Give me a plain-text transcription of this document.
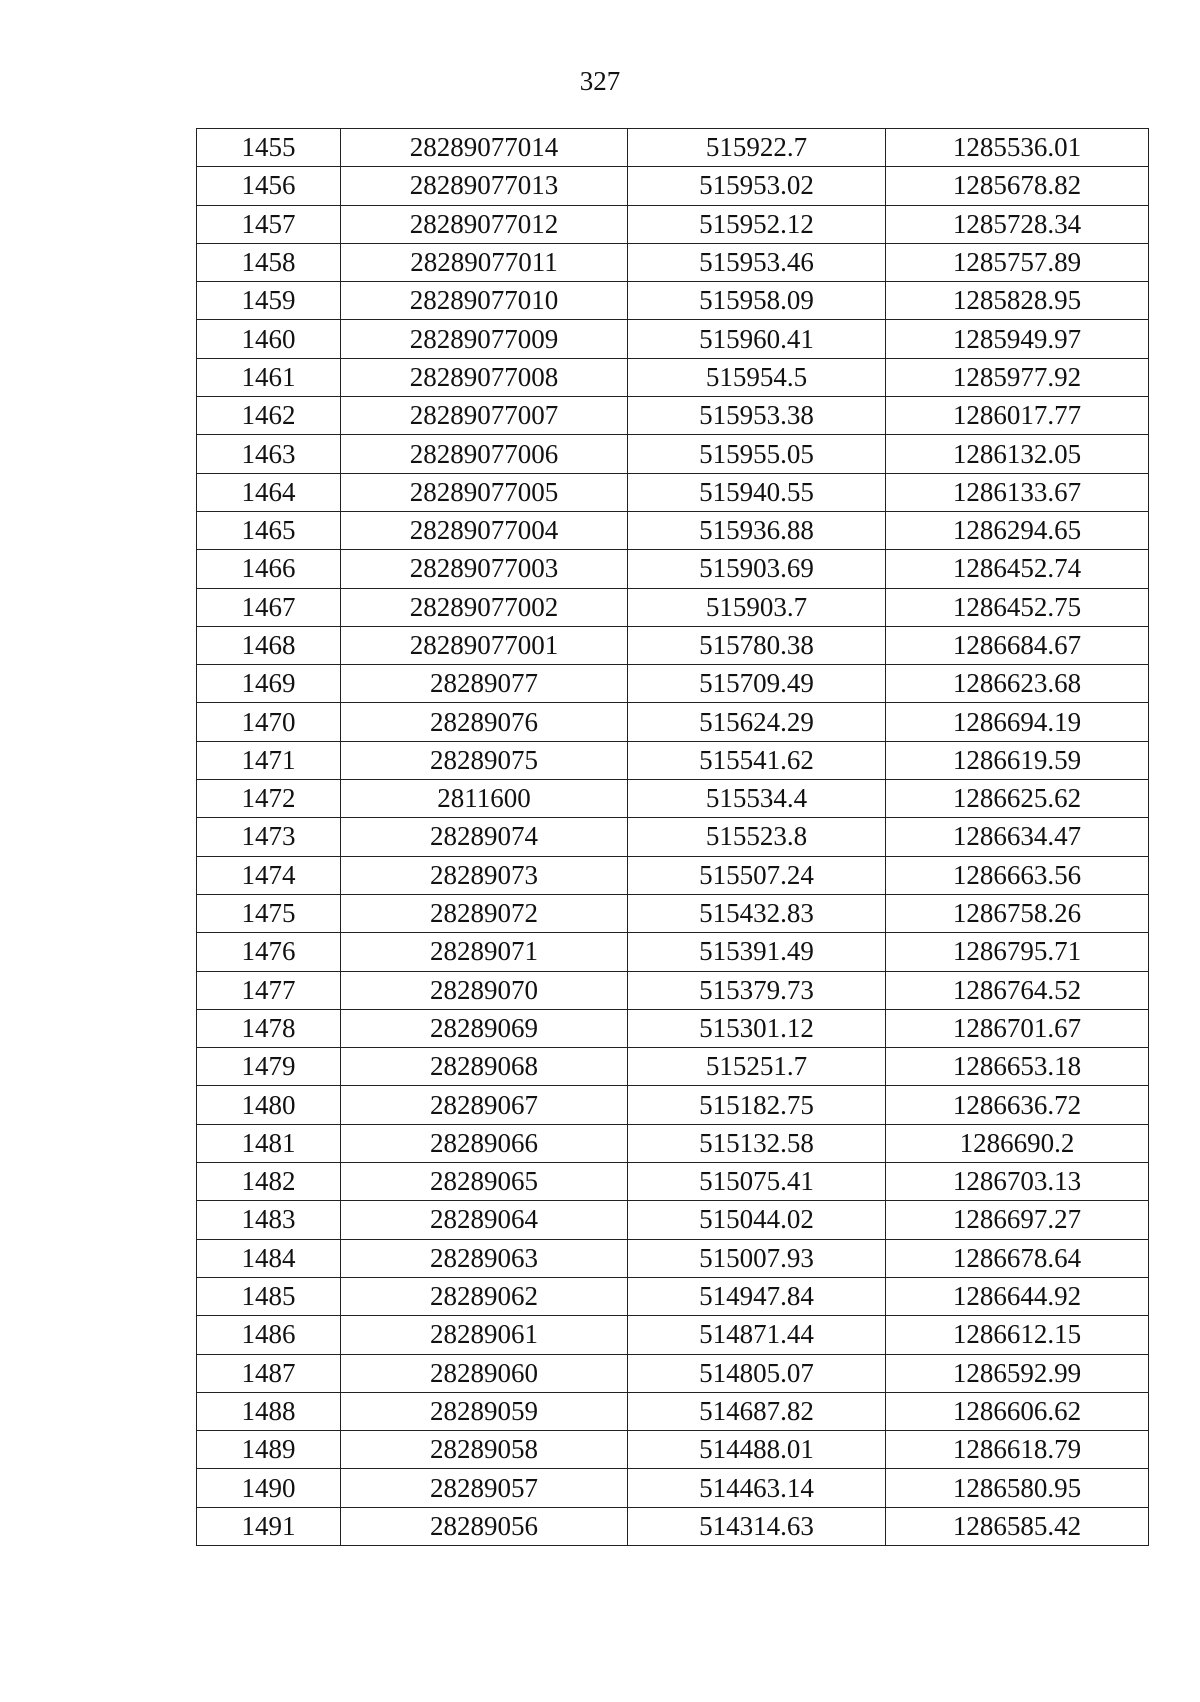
327
1455	28289077014	515922.7	1285536.01
1456	28289077013	515953.02	1285678.82
1457	28289077012	515952.12	1285728.34
1458	28289077011	515953.46	1285757.89
1459	28289077010	515958.09	1285828.95
1460	28289077009	515960.41	1285949.97
1461	28289077008	515954.5	1285977.92
1462	28289077007	515953.38	1286017.77
1463	28289077006	515955.05	1286132.05
1464	28289077005	515940.55	1286133.67
1465	28289077004	515936.88	1286294.65
1466	28289077003	515903.69	1286452.74
1467	28289077002	515903.7	1286452.75
1468	28289077001	515780.38	1286684.67
1469	28289077	515709.49	1286623.68
1470	28289076	515624.29	1286694.19
1471	28289075	515541.62	1286619.59
1472	2811600	515534.4	1286625.62
1473	28289074	515523.8	1286634.47
1474	28289073	515507.24	1286663.56
1475	28289072	515432.83	1286758.26
1476	28289071	515391.49	1286795.71
1477	28289070	515379.73	1286764.52
1478	28289069	515301.12	1286701.67
1479	28289068	515251.7	1286653.18
1480	28289067	515182.75	1286636.72
1481	28289066	515132.58	1286690.2
1482	28289065	515075.41	1286703.13
1483	28289064	515044.02	1286697.27
1484	28289063	515007.93	1286678.64
1485	28289062	514947.84	1286644.92
1486	28289061	514871.44	1286612.15
1487	28289060	514805.07	1286592.99
1488	28289059	514687.82	1286606.62
1489	28289058	514488.01	1286618.79
1490	28289057	514463.14	1286580.95
1491	28289056	514314.63	1286585.42
